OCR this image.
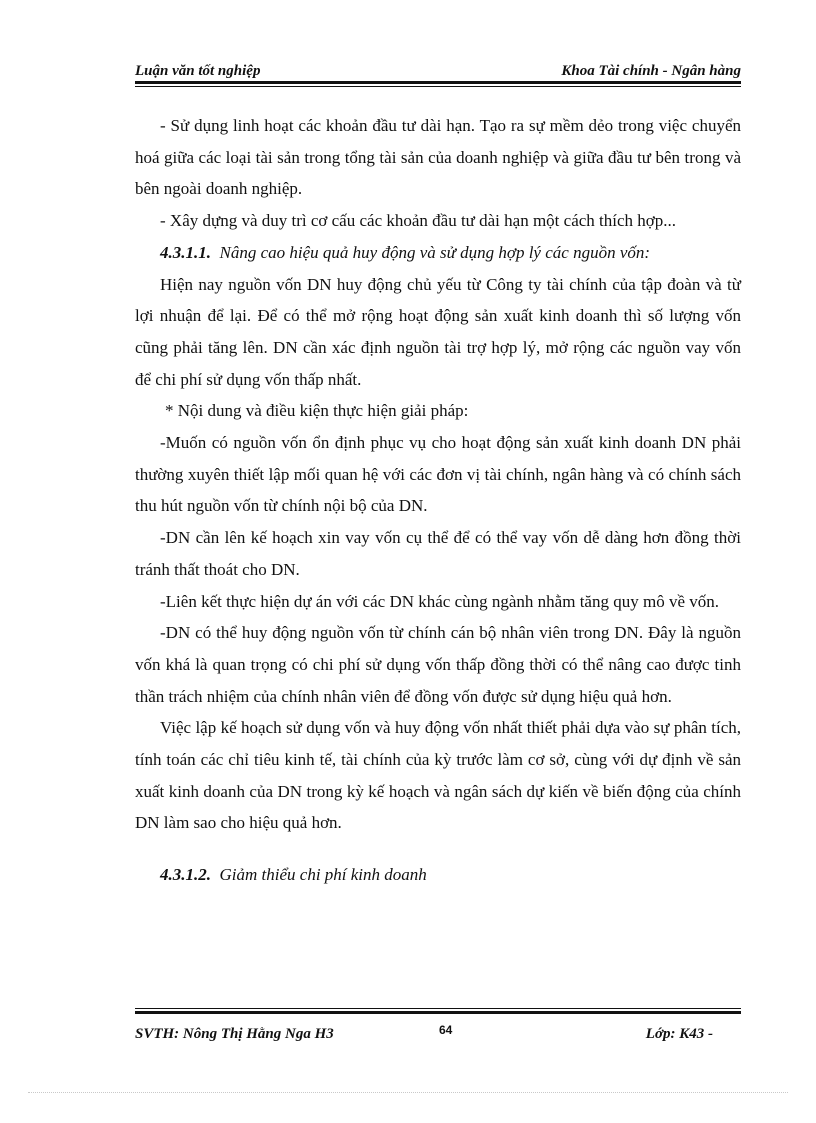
Luận văn tốt nghiệp	Khoa Tài chính - Ngân hàng

- Sử dụng linh hoạt các khoản đầu tư dài hạn. Tạo ra sự mềm dẻo trong việc chuyển hoá giữa các loại tài sản trong tổng tài sản của doanh nghiệp và giữa đầu tư bên trong và bên ngoài doanh nghiệp.

- Xây dựng và duy trì cơ cấu các khoản đầu tư dài hạn một cách thích hợp...

4.3.1.1. Nâng cao hiệu quả huy động và sử dụng hợp lý các nguồn vốn:

Hiện nay nguồn vốn DN huy động chủ yếu từ Công ty tài chính của tập đoàn và từ lợi nhuận để lại. Để có thể mở rộng hoạt động sản xuất kinh doanh thì số lượng vốn cũng phải tăng lên. DN cần xác định nguồn tài trợ hợp lý, mở rộng các nguồn vay vốn để chi phí sử dụng vốn thấp nhất.

* Nội dung và điều kiện thực hiện giải pháp:

-Muốn có nguồn vốn ổn định phục vụ cho hoạt động sản xuất kinh doanh DN phải thường xuyên thiết lập mối quan hệ với các đơn vị tài chính, ngân hàng và có chính sách thu hút nguồn vốn từ chính nội bộ của DN.

-DN cần lên kế hoạch xin vay vốn cụ thể để có thể vay vốn dễ dàng hơn đồng thời tránh thất thoát cho DN.

-Liên kết thực hiện dự án với các DN khác cùng ngành nhằm tăng quy mô về vốn.

-DN có thể huy động nguồn vốn từ chính cán bộ nhân viên trong DN. Đây là nguồn vốn khá là quan trọng có chi phí sử dụng vốn thấp đồng thời có thể nâng cao được tinh thần trách nhiệm của chính nhân viên để đồng vốn được sử dụng hiệu quả hơn.

Việc lập kế hoạch sử dụng vốn và huy động vốn nhất thiết phải dựa vào sự phân tích, tính toán các chỉ tiêu kinh tế, tài chính của kỳ trước làm cơ sở, cùng với dự định về sản xuất kinh doanh của DN trong kỳ kế hoạch và ngân sách dự kiến về biến động của chính DN làm sao cho hiệu quả hơn.

4.3.1.2. Giảm thiểu chi phí kinh doanh

SVTH: Nông Thị Hằng Nga H3	64	Lớp: K43 -
